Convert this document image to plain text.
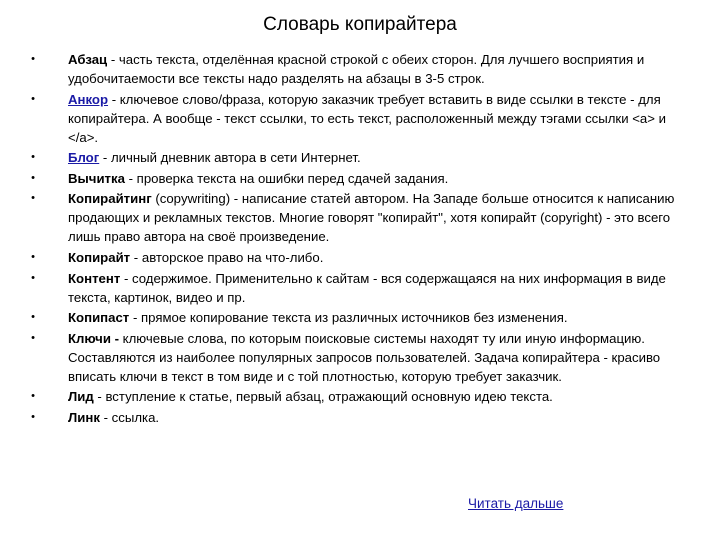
Словарь копирайтера
•	Абзац - часть текста, отделённая красной строкой с обеих сторон. Для лучшего восприятия и удобочитаемости все тексты надо разделять на абзацы в 3-5 строк.
•	Анкор - ключевое слово/фраза, которую заказчик требует вставить в виде ссылки в тексте - для копирайтера. А вообще - текст ссылки, то есть текст, расположенный между тэгами ссылки <a> и </a>.
•	Блог - личный дневник автора в сети Интернет.
•	Вычитка - проверка текста на ошибки перед сдачей задания.
•	Копирайтинг (copywriting) - написание статей автором. На Западе больше относится к написанию продающих и рекламных текстов. Многие говорят "копирайт", хотя копирайт (copyright) - это всего лишь право автора на своё произведение.
•	Копирайт - авторское право на что-либо.
•	Контент - содержимое. Применительно к сайтам - вся содержащаяся на них информация в виде текста, картинок, видео и пр.
•	Копипаст - прямое копирование текста из различных источников без изменения.
•	Ключи - ключевые слова, по которым поисковые системы находят ту или иную информацию. Составляются из наиболее популярных запросов пользователей. Задача копирайтера - красиво вписать ключи в текст в том виде и с той плотностью, которую требует заказчик.
•	Лид - вступление к статье, первый абзац, отражающий основную идею текста.
•	Линк - ссылка.
Читать дальше
